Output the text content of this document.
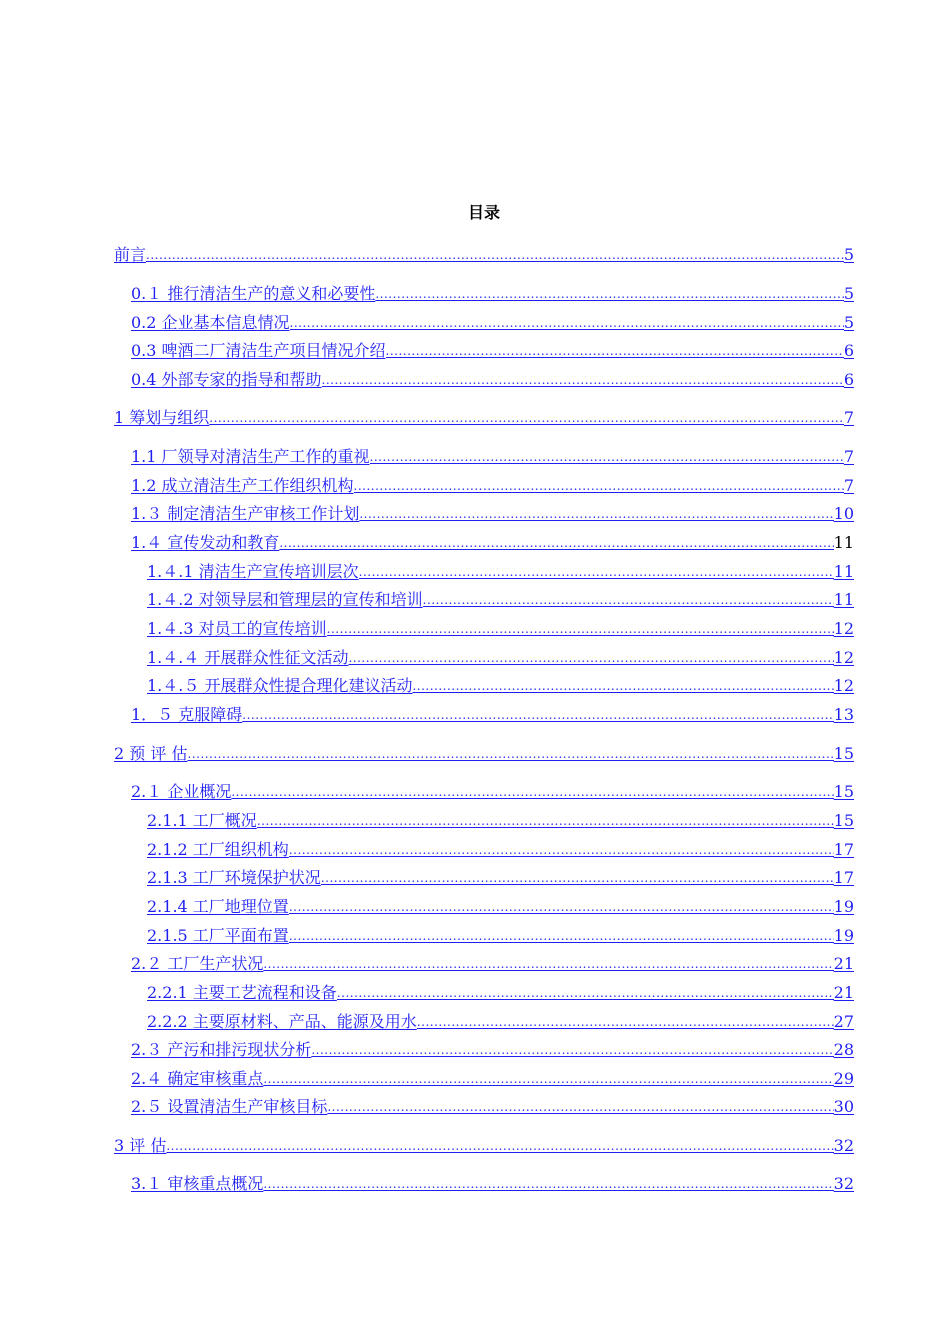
目录
前言 .....	5
0.１ 推行清洁生产的意义和必要性 .....	5
0.2 企业基本信息情况 .....	5
0.3 啤酒二厂清洁生产项目情况介绍 .....	6
0.4 外部专家的指导和帮助 .....	6
1 筹划与组织 .....	7
1.1 厂领导对清洁生产工作的重视 .....	7
1.2 成立清洁生产工作组织机构 .....	7
1.３ 制定清洁生产审核工作计划 .....	10
1.４ 宣传发动和教育 .....	11
1.４.1 清洁生产宣传培训层次 .....	11
1.４.2 对领导层和管理层的宣传和培训 .....	11
1.４.3 对员工的宣传培训 .....	12
1.４.４ 开展群众性征文活动 .....	12
1.４.５ 开展群众性提合理化建议活动 .....	12
1．５ 克服障碍 .....	13
2 预 评 估 .....	15
2.１ 企业概况 .....	15
2.1.1 工厂概况 .....	15
2.1.2 工厂组织机构 .....	17
2.1.3 工厂环境保护状况 .....	17
2.1.4 工厂地理位置 .....	19
2.1.5 工厂平面布置 .....	19
2.２ 工厂生产状况 .....	21
2.2.1 主要工艺流程和设备 .....	21
2.2.2 主要原材料、产品、能源及用水 .....	27
2.３ 产污和排污现状分析 .....	28
2.４ 确定审核重点 .....	29
2.５ 设置清洁生产审核目标 .....	30
3 评 估 .....	32
3.１ 审核重点概况 .....	32
